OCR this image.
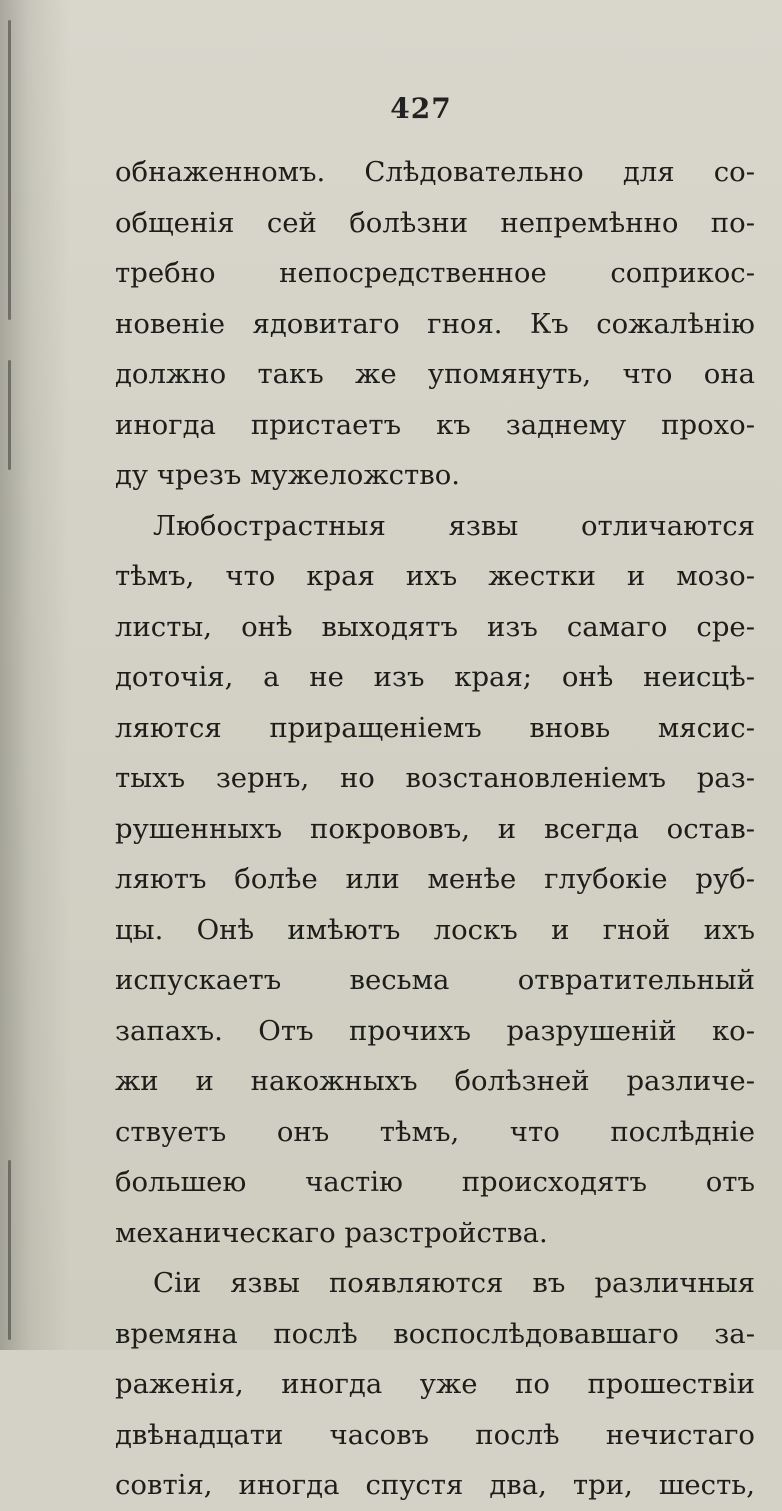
427
обнаженномъ. Слѣдовательно для со-
общенія сей болѣзни непремѣнно по-
требно непосредственное соприкос-
новеніе ядовитаго гноя. Къ сожалѣнію
должно такъ же упомянуть, что она
иногда пристаетъ къ заднему прохо-
ду чрезъ мужеложство.
Любострастныя язвы отличаются
тѣмъ, что края ихъ жестки и мозо-
листы, онѣ выходятъ изъ самаго сре-
доточія, а не изъ края; онѣ неисцѣ-
ляются приращеніемъ вновь мясис-
тыхъ зернъ, но возстановленіемъ раз-
рушенныхъ покрововъ, и всегда остав-
ляютъ болѣе или менѣе глубокіе руб-
цы. Онѣ имѣютъ лоскъ и гной ихъ
испускаетъ весьма отвратительный
запахъ. Отъ прочихъ разрушеній ко-
жи и накожныхъ болѣзней различе-
ствуетъ онъ тѣмъ, что послѣдніе
большею частію происходятъ отъ
механическаго разстройства.
Сіи язвы появляются въ различныя
времяна послѣ воспослѣдовавшаго за-
раженія, иногда уже по прошествіи
двѣнадцати часовъ послѣ нечистаго
совтія, иногда спустя два, три, шесть,
